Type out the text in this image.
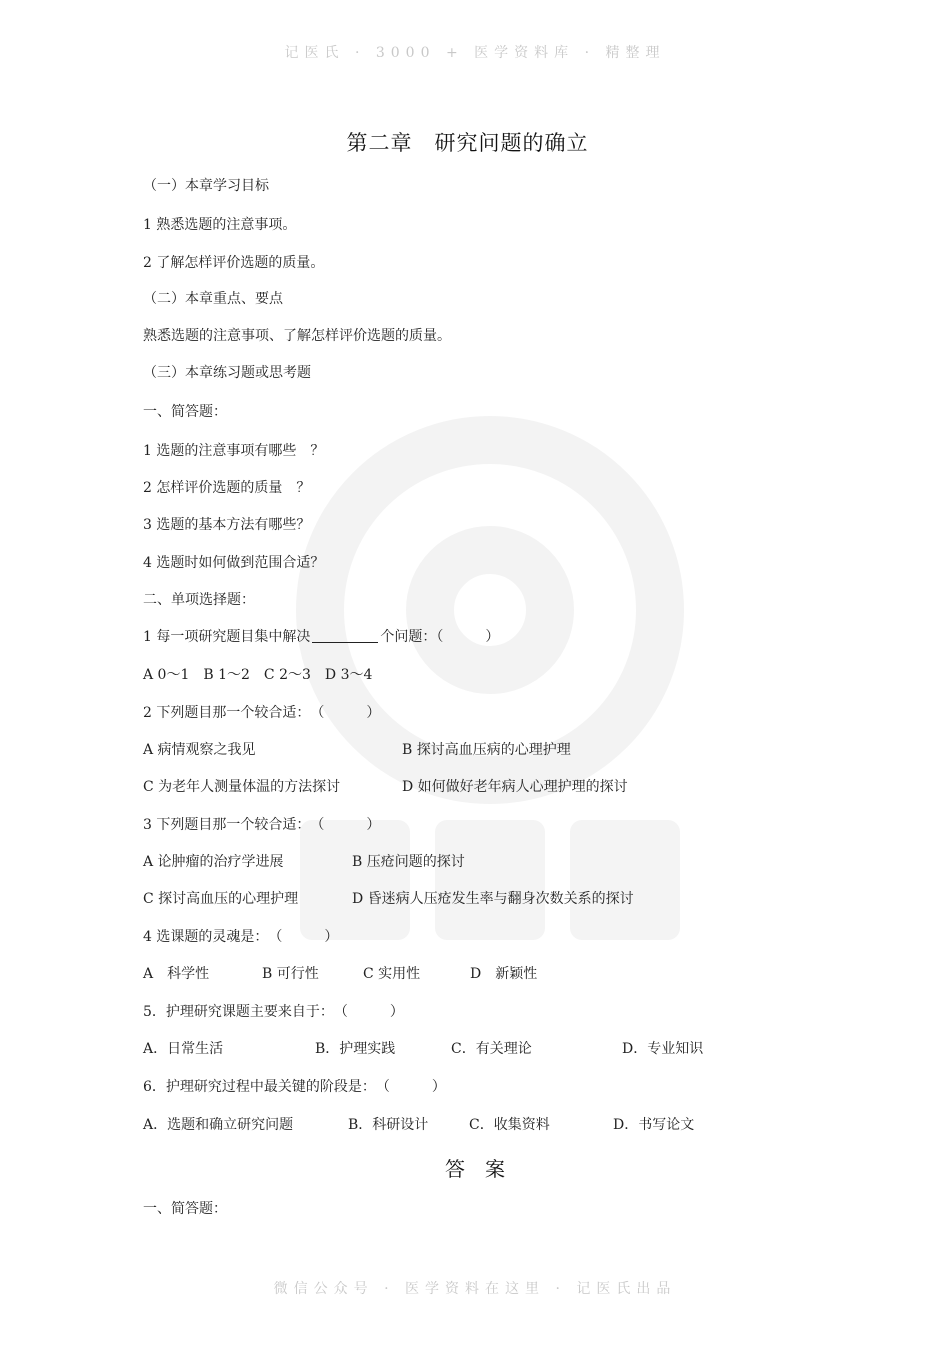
记医氏 · 3000 + 医学资料库 · 精整理
第二章　研究问题的确立
（一）本章学习目标
1 熟悉选题的注意事项。
2 了解怎样评价选题的质量。
（二）本章重点、要点
熟悉选题的注意事项、了解怎样评价选题的质量。
（三）本章练习题或思考题
一、简答题：
1 选题的注意事项有哪些　？
2 怎样评价选题的质量　？
3 选题的基本方法有哪些？
4 选题时如何做到范围合适？
二、单项选择题：
1 每一项研究题目集中解决	个问题：（　　　）
A 0～1　B 1～2　C 2～3　D 3～4
2 下列题目那一个较合适：　（　　　）
A 病情观察之我见	B 探讨高血压病的心理护理
C 为老年人测量体温的方法探讨	D 如何做好老年病人心理护理的探讨
3 下列题目那一个较合适：　（　　　）
A 论肿瘤的治疗学进展	B 压疮问题的探讨
C 探讨高血压的心理护理	D 昏迷病人压疮发生率与翻身次数关系的探讨
4 选课题的灵魂是：　（　　　）
A　科学性	B 可行性	C 实用性	D　新颖性
5．护理研究课题主要来自于：　（　　　）
A．日常生活	B．护理实践	C．有关理论	D．专业知识
6．护理研究过程中最关键的阶段是：　（　　　）
A．选题和确立研究问题	B．科研设计	C．收集资料	D．书写论文
答　案
一、简答题：
微信公众号 · 医学资料在这里 · 记医氏出品
